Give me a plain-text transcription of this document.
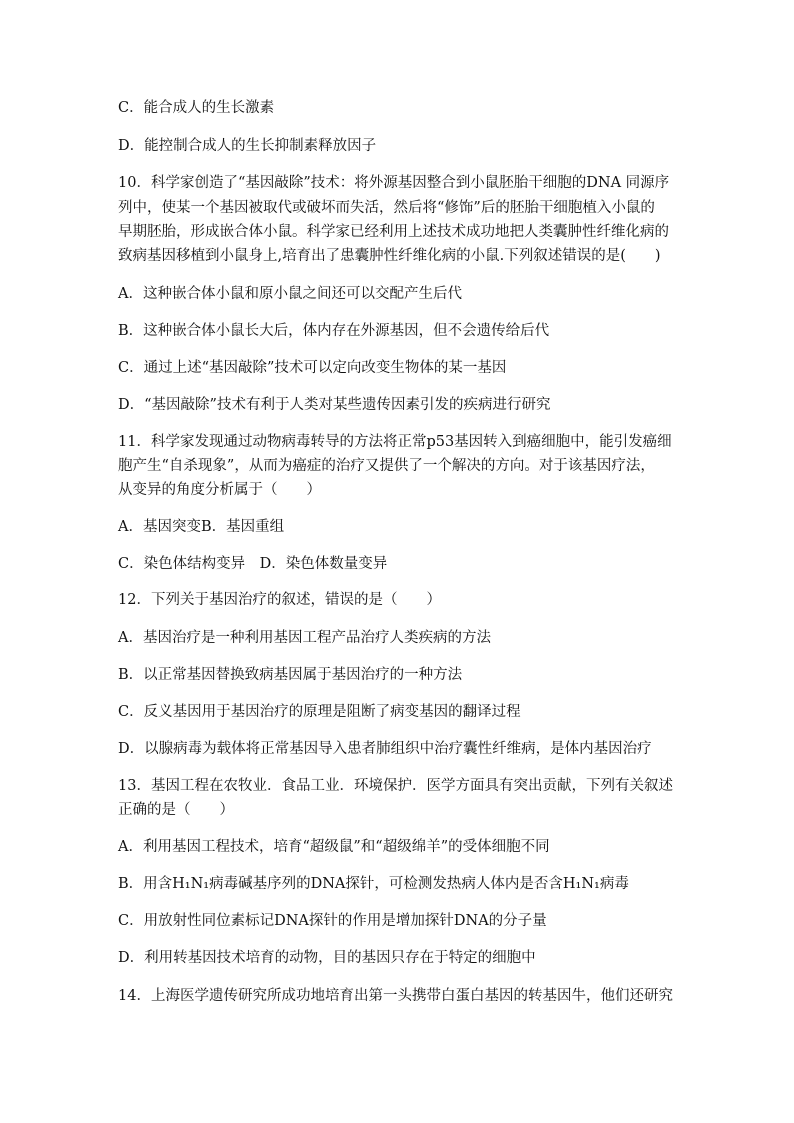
C．能合成人的生长激素
D．能控制合成人的生长抑制素释放因子
10．科学家创造了“基因敲除”技术：将外源基因整合到小鼠胚胎干细胞的DNA 同源序
列中，使某一个基因被取代或破坏而失活，然后将“修饰”后的胚胎干细胞植入小鼠的
早期胚胎，形成嵌合体小鼠。科学家已经利用上述技术成功地把人类囊肿性纤维化病的
致病基因移植到小鼠身上,培育出了患囊肿性纤维化病的小鼠.下列叙述错误的是(　　)
A．这种嵌合体小鼠和原小鼠之间还可以交配产生后代
B．这种嵌合体小鼠长大后，体内存在外源基因，但不会遗传给后代
C．通过上述“基因敲除”技术可以定向改变生物体的某一基因
D．“基因敲除”技术有利于人类对某些遗传因素引发的疾病进行研究
11．科学家发现通过动物病毒转导的方法将正常p53基因转入到癌细胞中，能引发癌细
胞产生“自杀现象”，从而为癌症的治疗又提供了一个解决的方向。对于该基因疗法，
从变异的角度分析属于（　　）
A．基因突变B．基因重组
C．染色体结构变异　D．染色体数量变异
12．下列关于基因治疗的叙述，错误的是（　　）
A．基因治疗是一种利用基因工程产品治疗人类疾病的方法
B．以正常基因替换致病基因属于基因治疗的一种方法
C．反义基因用于基因治疗的原理是阻断了病变基因的翻译过程
D．以腺病毒为载体将正常基因导入患者肺组织中治疗囊性纤维病，是体内基因治疗
13．基因工程在农牧业．食品工业．环境保护．医学方面具有突出贡献，下列有关叙述
正确的是（　　）
A．利用基因工程技术，培育“超级鼠”和“超级绵羊”的受体细胞不同
B．用含H₁N₁病毒碱基序列的DNA探针，可检测发热病人体内是否含H₁N₁病毒
C．用放射性同位素标记DNA探针的作用是增加探针DNA的分子量
D．利用转基因技术培育的动物，目的基因只存在于特定的细胞中
14．上海医学遗传研究所成功地培育出第一头携带白蛋白基因的转基因牛，他们还研究
